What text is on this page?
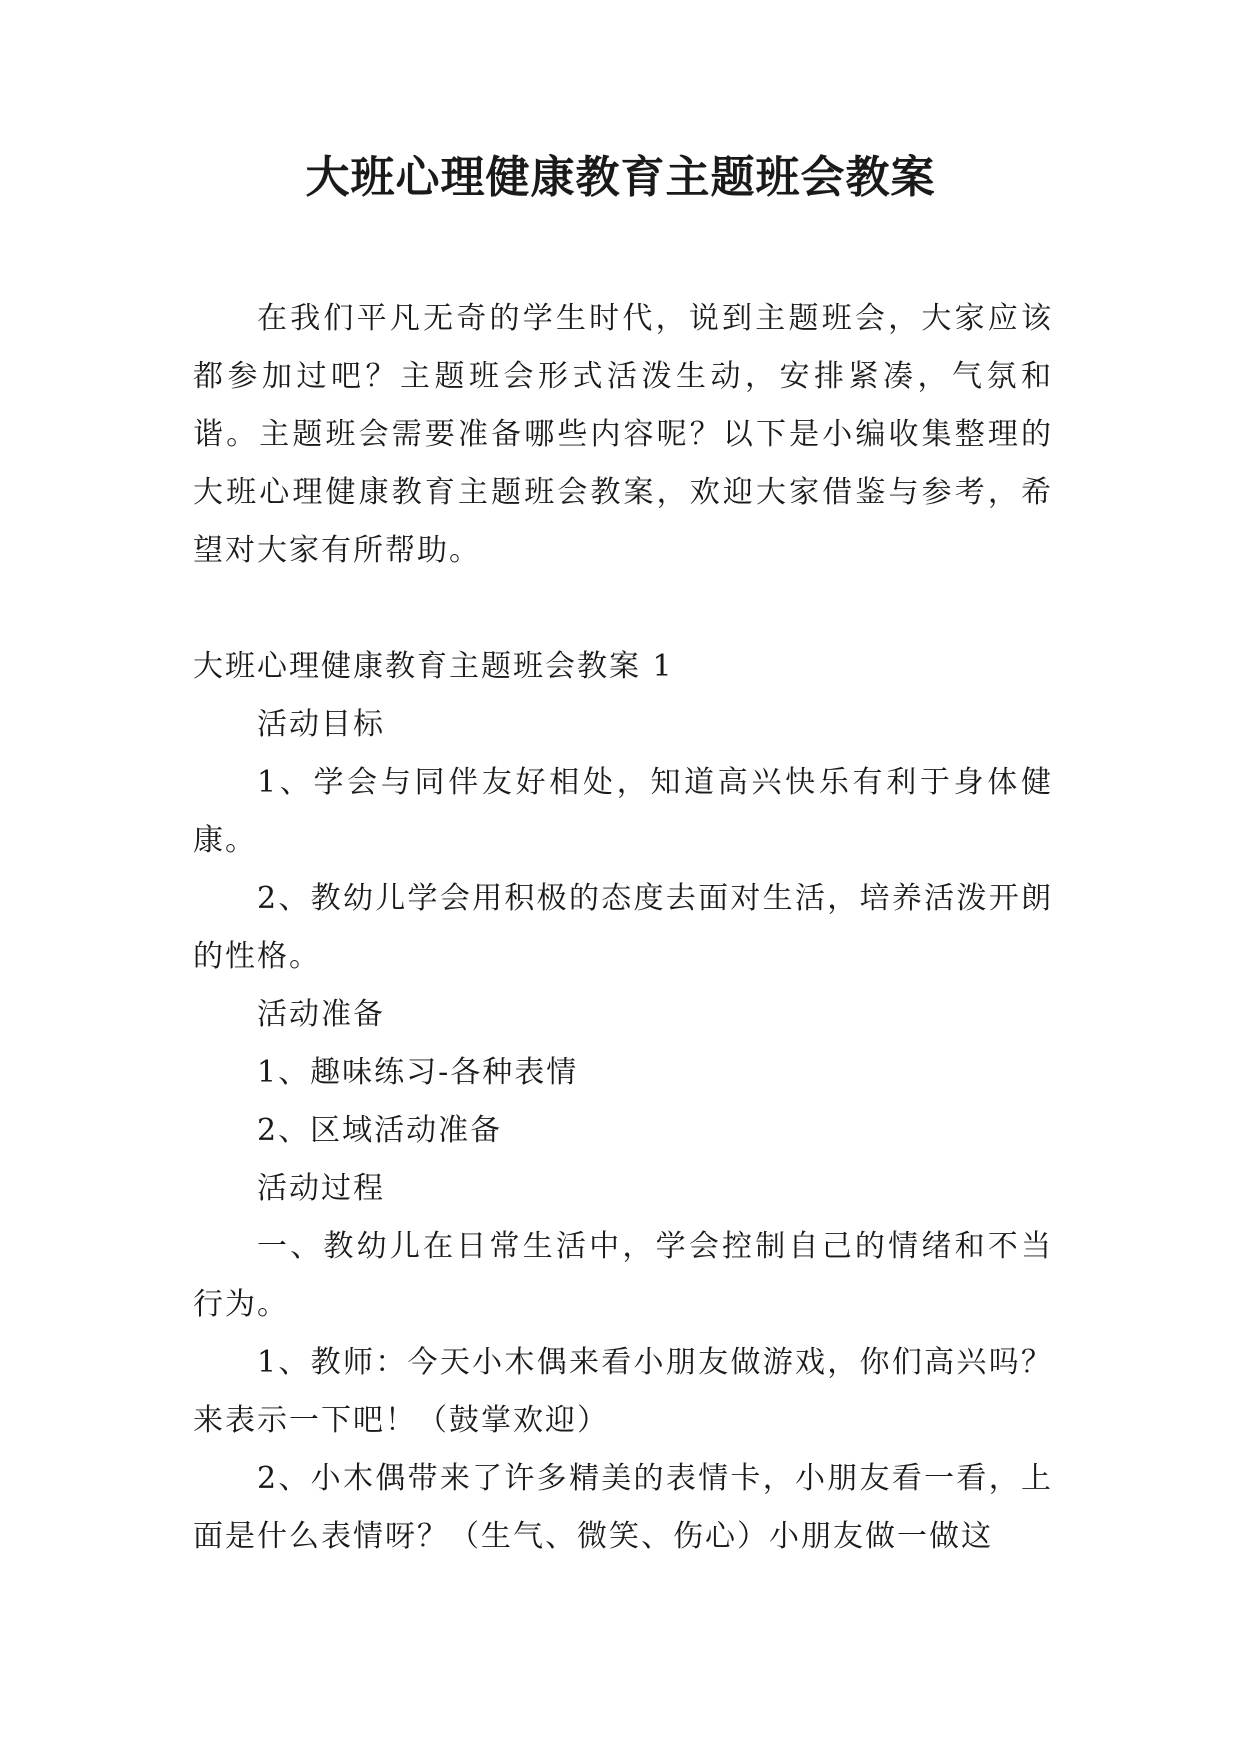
大班心理健康教育主题班会教案

在我们平凡无奇的学生时代，说到主题班会，大家应该都参加过吧？主题班会形式活泼生动，安排紧凑，气氛和谐。主题班会需要准备哪些内容呢？以下是小编收集整理的大班心理健康教育主题班会教案，欢迎大家借鉴与参考，希望对大家有所帮助。

大班心理健康教育主题班会教案 1

活动目标

1、学会与同伴友好相处，知道高兴快乐有利于身体健康。

2、教幼儿学会用积极的态度去面对生活，培养活泼开朗的性格。

活动准备

1、趣味练习-各种表情

2、区域活动准备

活动过程

一、教幼儿在日常生活中，学会控制自己的情绪和不当行为。

1、教师：今天小木偶来看小朋友做游戏，你们高兴吗？来表示一下吧！（鼓掌欢迎）

2、小木偶带来了许多精美的表情卡，小朋友看一看，上面是什么表情呀？（生气、微笑、伤心）小朋友做一做这
